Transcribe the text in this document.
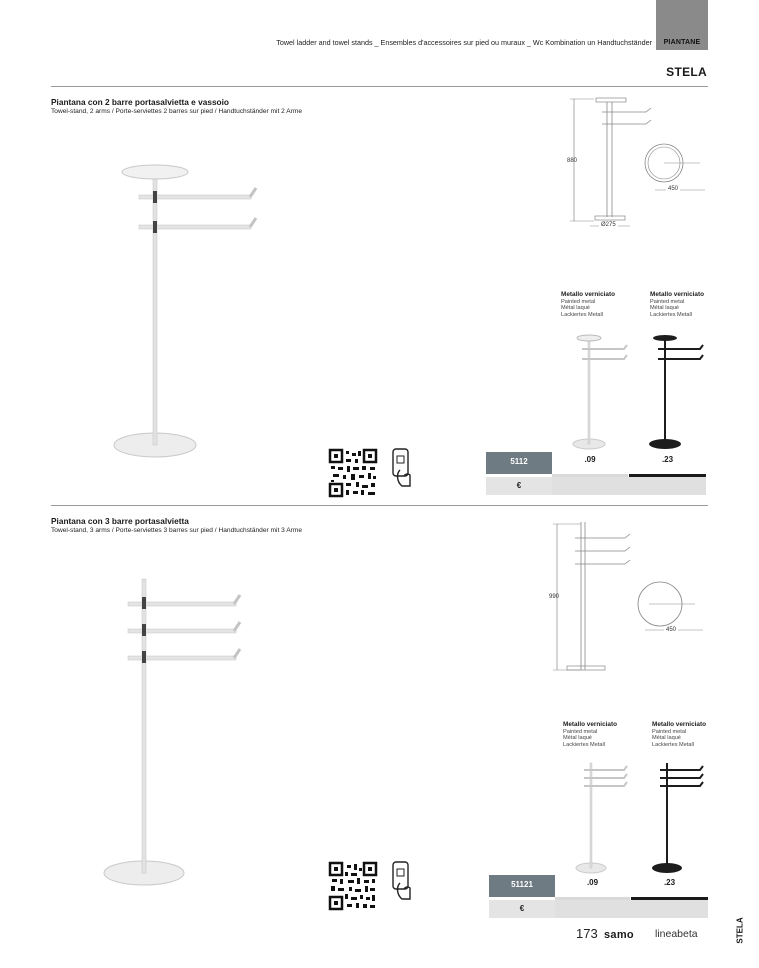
Towel ladder and towel stands _ Ensembles d'accessoires sur pied ou muraux _ Wc Kombination un Handtuchständer	PIANTANE
STELA
Piantana con 2 barre portasalvietta e vassoio
Towel-stand, 2 arms / Porte-serviettes 2 barres sur pied / Handtuchständer mit 2 Arme
880
450
Ø275
Metallo verniciato
Painted metal
Métal laqué
Lackiertes Metall
Metallo verniciato
Painted metal
Métal laqué
Lackiertes Metall
5112
€
.09	.23
Piantana con 3 barre portasalvietta
Towel-stand, 3 arms / Porte-serviettes 3 barres sur pied / Handtuchständer mit 3 Arme
990
450
Metallo verniciato
Painted metal
Métal laqué
Lackiertes Metall
Metallo verniciato
Painted metal
Métal laqué
Lackiertes Metall
51121
€
.09	.23
173 samo lineabeta	STELA
